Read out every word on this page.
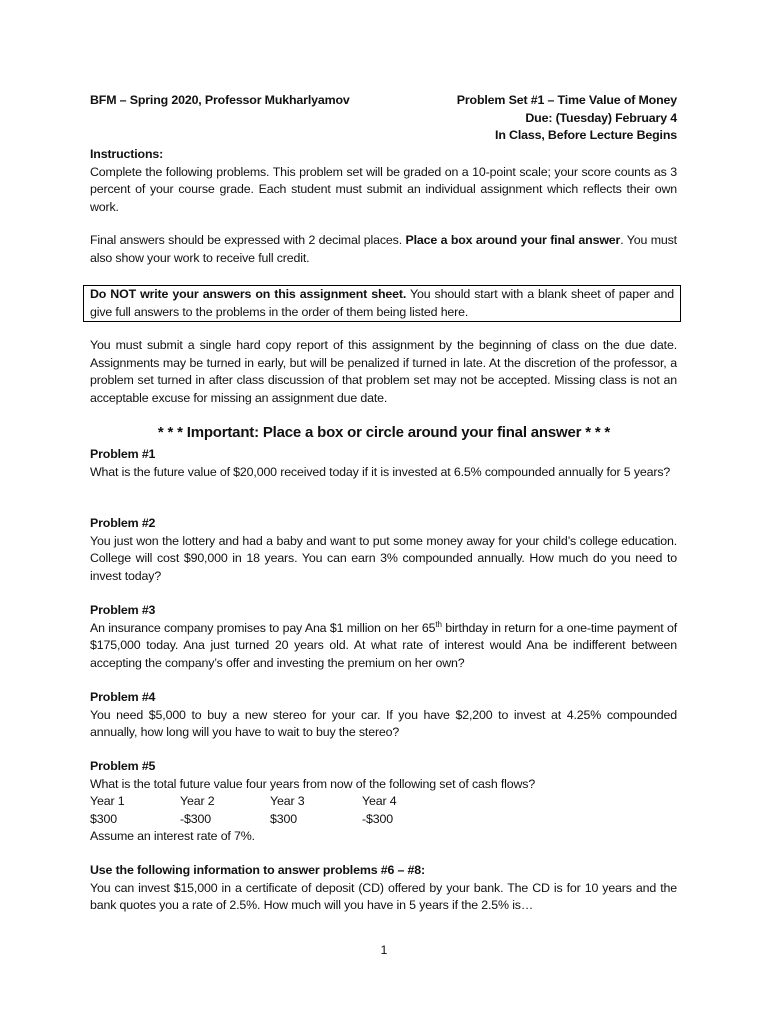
BFM – Spring 2020, Professor Mukharlyamov	Problem Set #1 – Time Value of Money
Due: (Tuesday) February 4
In Class, Before Lecture Begins
Instructions:
Complete the following problems. This problem set will be graded on a 10-point scale; your score counts as 3 percent of your course grade. Each student must submit an individual assignment which reflects their own work.
Final answers should be expressed with 2 decimal places. Place a box around your final answer. You must also show your work to receive full credit.
Do NOT write your answers on this assignment sheet. You should start with a blank sheet of paper and give full answers to the problems in the order of them being listed here.
You must submit a single hard copy report of this assignment by the beginning of class on the due date. Assignments may be turned in early, but will be penalized if turned in late. At the discretion of the professor, a problem set turned in after class discussion of that problem set may not be accepted. Missing class is not an acceptable excuse for missing an assignment due date.
* * * Important: Place a box or circle around your final answer * * *
Problem #1
What is the future value of $20,000 received today if it is invested at 6.5% compounded annually for 5 years?
Problem #2
You just won the lottery and had a baby and want to put some money away for your child’s college education. College will cost $90,000 in 18 years. You can earn 3% compounded annually. How much do you need to invest today?
Problem #3
An insurance company promises to pay Ana $1 million on her 65th birthday in return for a one-time payment of $175,000 today. Ana just turned 20 years old. At what rate of interest would Ana be indifferent between accepting the company’s offer and investing the premium on her own?
Problem #4
You need $5,000 to buy a new stereo for your car. If you have $2,200 to invest at 4.25% compounded annually, how long will you have to wait to buy the stereo?
Problem #5
What is the total future value four years from now of the following set of cash flows?
Year 1	Year 2	Year 3	Year 4
$300	-$300	$300	-$300
Assume an interest rate of 7%.
Use the following information to answer problems #6 – #8:
You can invest $15,000 in a certificate of deposit (CD) offered by your bank. The CD is for 10 years and the bank quotes you a rate of 2.5%. How much will you have in 5 years if the 2.5% is…
1
